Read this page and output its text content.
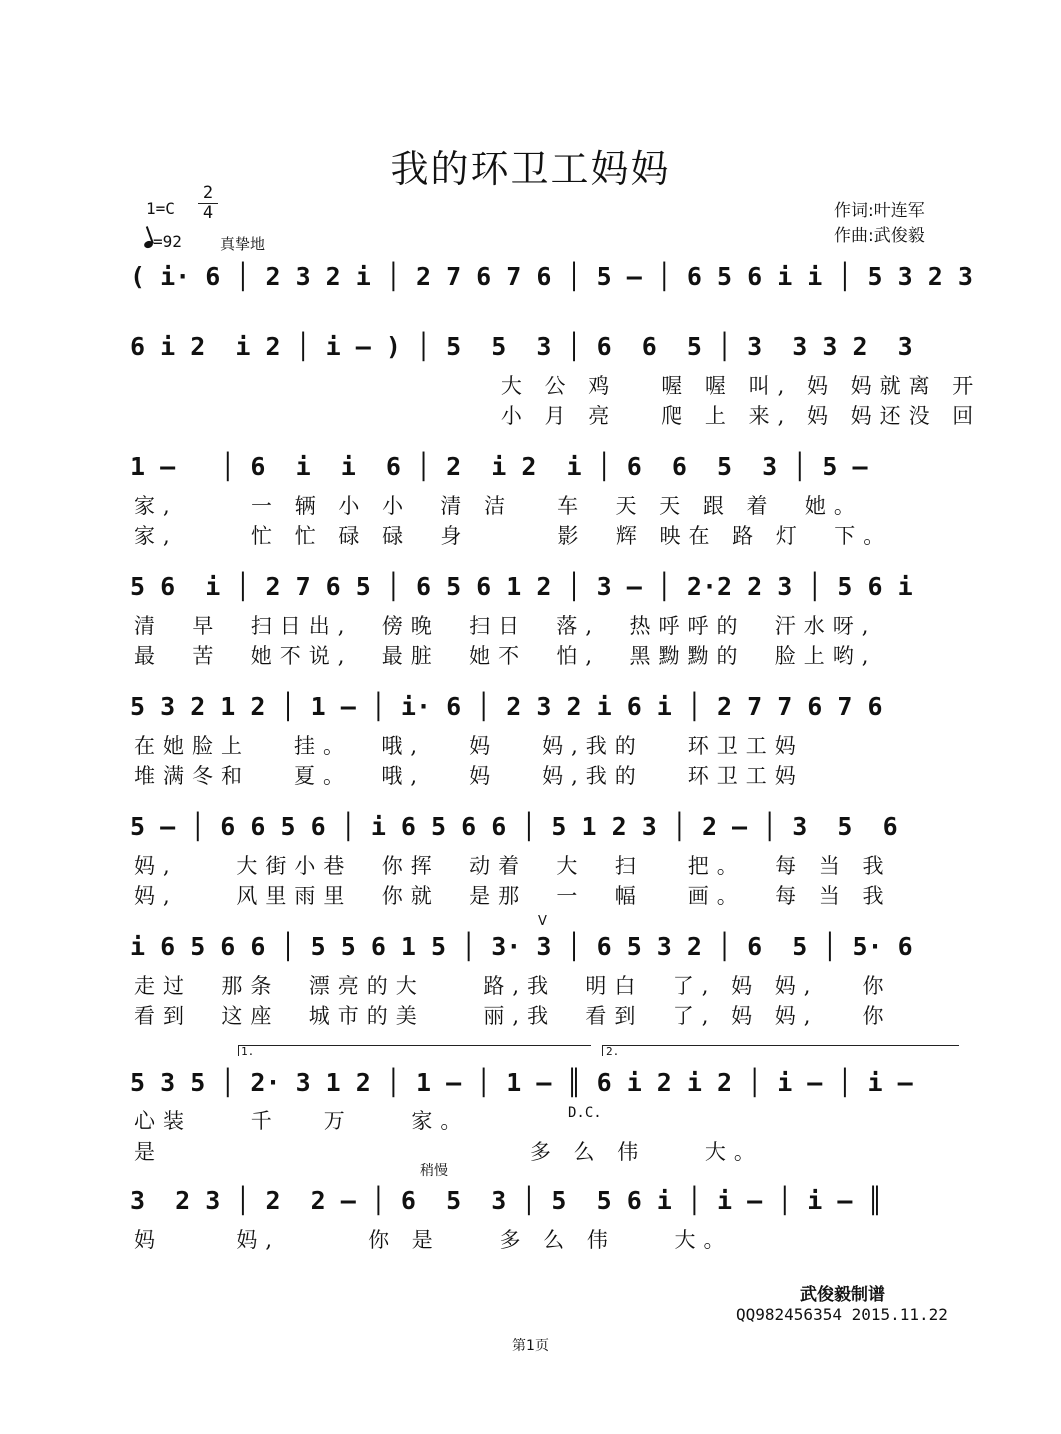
我的环卫工妈妈
1=C
2
4
=92	真挚地
作词:叶连军
作曲:武俊毅
( i· 6 │ 2 3 2 i │ 2 7 6 7 6 │ 5 – │ 6 5 6 i i │ 5 3 2 3
6 i 2  i 2 │ i – ) │ 5  5  3 │ 6  6  5 │ 3  3 3 2  3
大 公 鸡   喔 喔 叫, 妈 妈就离 开
小 月 亮   爬 上 来, 妈 妈还没 回
1 –   │ 6  i  i  6 │ 2  i 2  i │ 6  6  5  3 │ 5 –
家,     一 辆 小 小  清 洁   车  天 天 跟 着  她。
家,     忙 忙 碌 碌  身      影  辉 映在 路 灯  下。
5 6  i │ 2 7 6 5 │ 6 5 6 1 2 │ 3 – │ 2·2 2 3 │ 5 6 i
清  早  扫日出,  傍晚  扫日  落,  热呼呼的  汗水呀,
最  苦  她不说,  最脏  她不  怕,  黑黝黝的  脸上哟,
5 3 2 1 2 │ 1 – │ i· 6 │ 2 3 2 i 6 i │ 2 7 7 6 7 6
在她脸上   挂。  哦,   妈   妈,我的   环卫工妈
堆满冬和   夏。  哦,   妈   妈,我的   环卫工妈
5 – │ 6 6 5 6 │ i 6 5 6 6 │ 5 1 2 3 │ 2 – │ 3  5  6
妈,    大街小巷  你挥  动着  大  扫   把。  每 当 我
妈,    风里雨里  你就  是那  一  幅   画。  每 当 我
V
i 6 5 6 6 │ 5 5 6 1 5 │ 3· 3 │ 6 5 3 2 │ 6  5 │ 5· 6
走过  那条  漂亮的大    路,我  明白  了, 妈 妈,   你
看到  这座  城市的美    丽,我  看到  了, 妈 妈,   你
1.	2.
5 3 5 │ 2· 3 1 2 │ 1 – │ 1 – ║ 6 i 2 i 2 │ i – │ i –
D.C.
心装    千   万    家。
是                         多 么 伟    大。
稍慢
3  2 3 │ 2  2 – │ 6  5  3 │ 5  5 6 i │ i – │ i – ║
妈     妈,      你 是    多 么 伟    大。
武俊毅制谱
QQ982456354 2015.11.22
第1页
